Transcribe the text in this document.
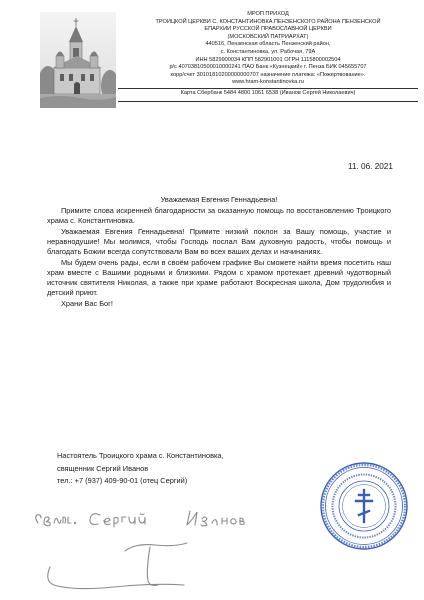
МРОП ПРИХОД
ТРОИЦКОЙ ЦЕРКВИ С. КОНСТАНТИНОВКА ПЕНЗЕНСКОГО РАЙОНА ПЕНЗЕНСКОЙ
ЕПАРХИИ РУССКОЙ ПРАВОСЛАВНОЙ ЦЕРКВИ
(МОСКОВСКИЙ ПАТРИАРХАТ)
440516, Пензенская область Пензенский район,
с. Константиновка, ул. Рабочая, 79А
ИНН 5829900034 КПП 582901001 ОГРН 1115800002504
р/с 40703810500010000241 ПАО Банк «Кузнецкий» г. Пенза БИК 045655707
корр/счет 30101810200000000707 назначение платежа: «Пожертвование».
www.hram-konstantinovka.ru
Карта Сбербанк 5484 4800 1061 6538 (Иванов Сергей Николаевич)
11. 06. 2021
Уважаемая Евгения Геннадьевна!

Примите слова искренней благодарности за оказанную помощь по восстановлению Троицкого храма с. Константиновка.

Уважаемая Евгения Геннадьевна! Примите низкий поклон за Вашу помощь, участие и неравнодушие! Мы молимся, чтобы Господь послал Вам духовную радость, чтобы помощь и благодать Божии всегда сопутствовали Вам во всех ваших делах и начинаниях.

Мы будем очень рады, если в своём рабочем графике Вы сможете найти время посетить наш храм вместе с Вашими родными и близкими. Рядом с храмом протекает древний чудотворный источник святителя Николая, а также при храме работают Воскресная школа, Дом трудолюбия и детский приют.

Храни Вас Бог!

Настоятель Троицкого храма с. Константиновка,
священник Сергий Иванов
тел.: +7 (937) 409-90-01 (отец Сергий)
